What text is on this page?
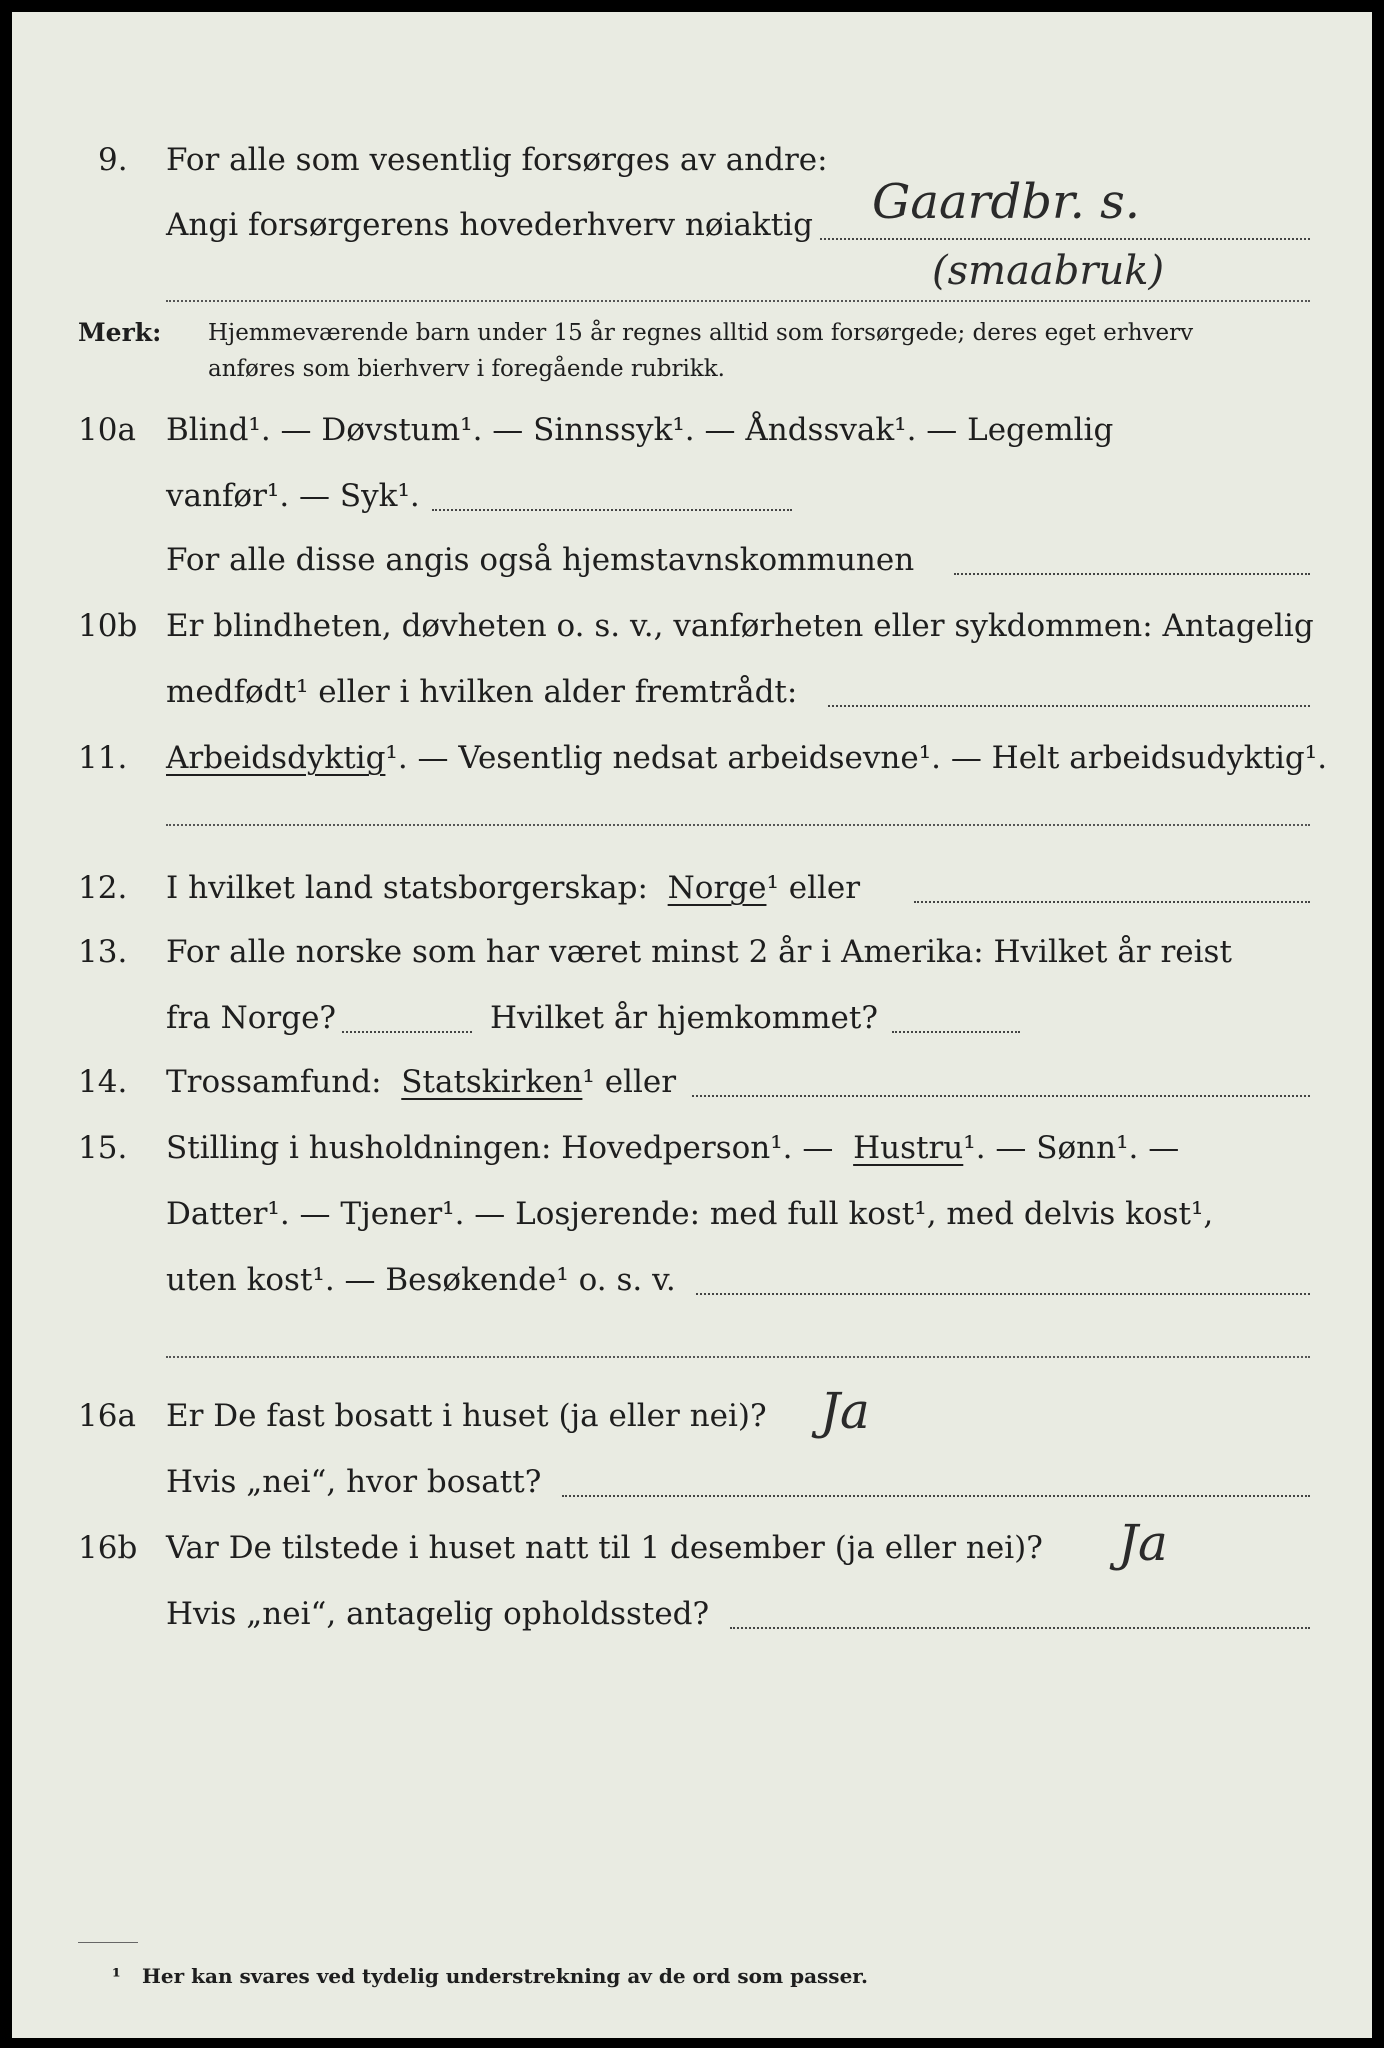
9. For alle som vesentlig forsørges av andre:
Angi forsørgerens hovederhverv nøiaktig Gaardbr. s.
(smaabruk)
Merk: Hjemmeværende barn under 15 år regnes alltid som forsørgede; deres eget erhverv
anføres som bierhverv i foregående rubrikk.
10a Blind¹. — Døvstum¹. — Sinnssyk¹. — Åndssvak¹. — Legemlig
vanfør¹. — Syk¹.
For alle disse angis også hjemstavnskommunen
10b Er blindheten, døvheten o. s. v., vanførheten eller sykdommen: Antagelig
medfødt¹ eller i hvilken alder fremtrådt:
11. Arbeidsdyktig¹. — Vesentlig nedsat arbeidsevne¹. — Helt arbeidsudyktig¹.
12. I hvilket land statsborgerskap: Norge¹ eller
13. For alle norske som har været minst 2 år i Amerika: Hvilket år reist
fra Norge?	Hvilket år hjemkommet?
14. Trossamfund: Statskirken¹ eller
15. Stilling i husholdningen: Hovedperson¹. — Hustru¹. — Sønn¹. —
Datter¹. — Tjener¹. — Losjerende: med full kost¹, med delvis kost¹,
uten kost¹. — Besøkende¹ o. s. v.
16a Er De fast bosatt i huset (ja eller nei)? Ja
Hvis „nei“, hvor bosatt?
16b Var De tilstede i huset natt til 1 desember (ja eller nei)? Ja
Hvis „nei“, antagelig opholdssted?
¹ Her kan svares ved tydelig understrekning av de ord som passer.
